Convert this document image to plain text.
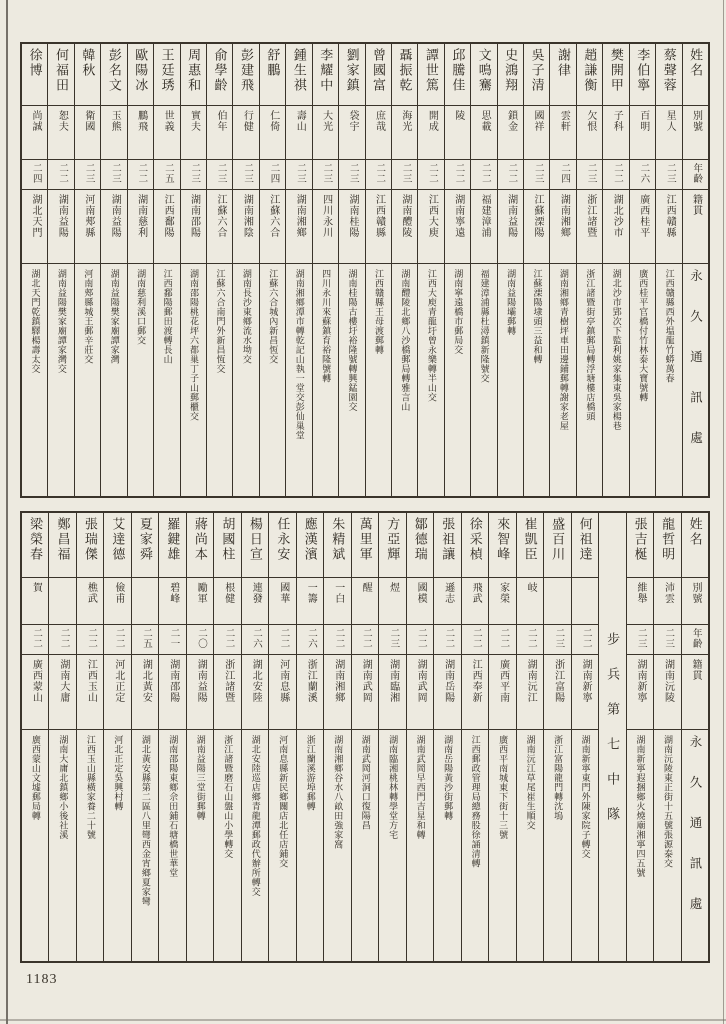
姓名
別號
年齡
籍貫
永久通訊處
蔡聲蓉
星人
二三
江西贛縣
江西贛縣西外塭龍竹蟒萬春
李伯寧
百明
二六
廣西桂平
廣西桂平官橋付竹林泰大寶號轉
樊開甲
子科
二二
湖北沙市
湖北沙市郢次下監利姚家集東吳家楊巷
趙謙衡
欠恨
二三
浙江諸暨
浙江諸暨街亭鎮郵局轉浮塘樓店橋頭
謝律
雲軒
二四
湖南湘鄉
湖南湘鄉青樹坪車田邊鋪郵轉謝家老屋
吳子清
國祥
二三
江蘇溧陽
江蘇溧陽埭頭三益和轉
史鴻翔
鎖金
二二
湖南益陽
湖南益陽壩郵轉
文鳴騫
思載
二二
福建漳浦
福建漳浦縣杜潯鎮新隆號交
邱騰佳
陵
二二
湖南寧遠
湖南寧遠橋市郵局交
譚世篤
開成
二二
江西大庾
江西大庾青龍圩曾永樂轉半山交
聶振乾
海光
二三
湖南醴陵
湖南醴陵北鄉八沙橋郵局轉雅言山
曾國富
庶哉
二二
江西贛縣
江西贛縣王母渡郵轉
劉家鎮
袋宇
二三
湖南桂陽
湖南桂陽古樓圩裕隆號轉興錳園交
李耀中
大光
二三
四川永川
四川永川來蘇鎮育裕隆號轉
鍾生祺
壽山
二三
湖南湘鄉
湖南湘鄉潭市轉乾記山執一堂交彭仙巢堂
舒鵬
仁倚
二四
江蘇六合
江蘇六合城內新昌恆交
彭建飛
行健
二三
湖南湘陰
湖南長沙東鄉流水坳交
俞學齡
伯年
二三
江蘇六合
江蘇六合南門外新昌恆交
周惠和
實夫
二三
湖南邵陽
湖南邵陽桃花坪六都巢丁子山郵櫃交
王廷琇
世義
二五
江西鄱陽
江西鄱陽郵田渡轉長山
歐陽冰
鵬飛
二二
湖南慈利
湖南慈利溪口郵交
彭名文
玉熊
二三
湖南益陽
湖南益陽樊家廟譚家灣
韓秋
衛國
二三
河南郟縣
河南郟縣城王郵辛莊交
何福田
恕夫
二二
湖南益陽
湖南益陽樊家廟譚家灣交
徐博
尚誠
二四
湖北天門
湖北天門乾鎮驛楊壽太交
姓名
別號
年齡
籍貫
永久通訊處
龍哲明
沛雲
二三
湖南沅陵
湖南沅陵東正街十五號張源泰交
張吉梴
維舉
二三
湖南新寧
湖南新寧遐捆鄉火燒廟湘寧四五號
步兵第七中隊
何祖達
二二
湖南新寧
湖南新寧東門外陳家院子轉交
盛百川
二三
浙江富陽
浙江富陽龍門轉沈塢
崔凱臣
岐
二二
湖南沅江
湖南沅江草尾崔生順交
來智峰
家榮
二二
廣西平南
廣西平南城東下街十三號
徐采楨
飛武
二二
江西奉新
江西郵政管理局總務股徐誦清轉
張祖讓
遜志
二二
湖南岳陽
湖南岳陽黃沙街郵轉
鄒德瑞
國模
二二
湖南武岡
湖南武岡早西門吉星和轉
方亞輝
煜
二三
湖南臨湘
湖南臨湘桃林轉學堂方宅
萬里軍
醒
二二
湖南武岡
湖南武岡河洞口復陽昌
朱精斌
一白
二二
湖南湘鄉
湖南湘鄉谷水八畝田強家窩
應漢濱
一籌
二六
浙江蘭溪
浙江蘭溪游埠郵轉
任永安
國華
二二
河南息縣
河南息縣新民鄉關店北任店鋪交
楊日宣
連發
二六
湖北安陸
湖北安陸巡店鄉青龍潭郵政代辦所轉交
胡國柱
根健
二二
浙江諸暨
浙江諸暨磨石山盤山小學轉交
蔣尚本
勵軍
二〇
湖南益陽
湖南益陽三堂街郵轉
羅鍵雄
碧峰
二一
湖南邵陽
湖南邵陽東鄉佘田鋪石塘橋世華堂
夏家舜
二五
湖北黃安
湖北黃安縣第二區八里彎西金宵鄉夏家彎
艾達德
儉甫
二二
河北正定
河北正定吳興村轉
張瑞傑
樵武
二二
江西玉山
江西玉山縣橫家養二十號
鄭昌福
二二
湖南大庸
湖南大庸北鎮鄉小後社溪
梁榮春
賀
二二
廣西蒙山
廣西蒙山文墟郵局轉
1183
